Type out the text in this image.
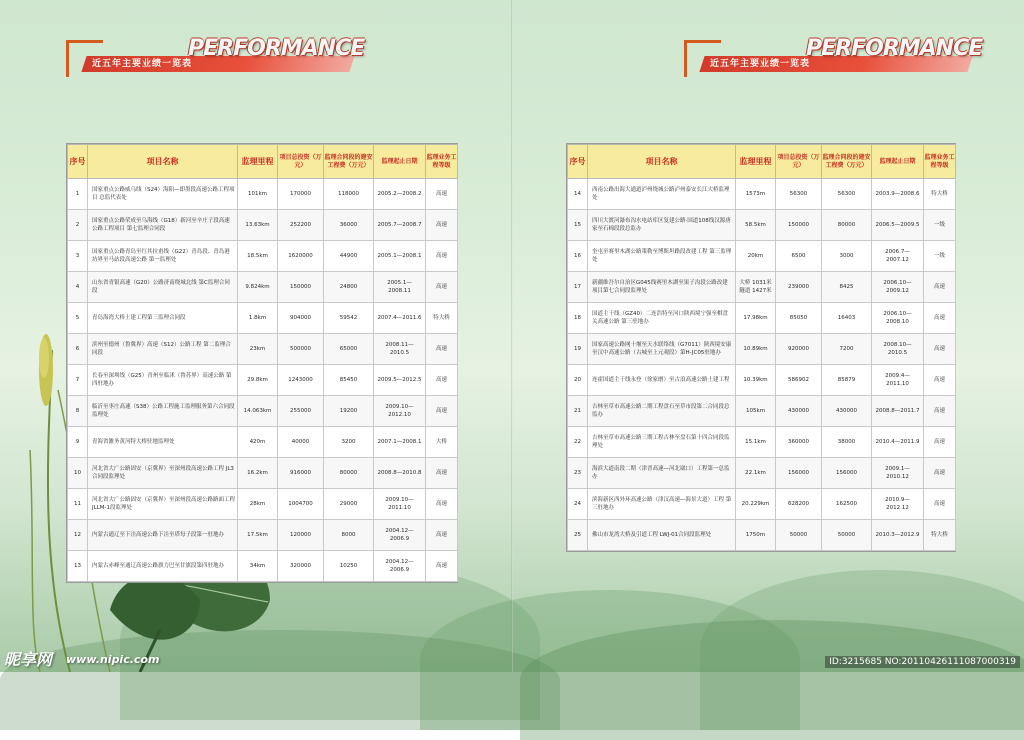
近五年主要业绩一览表
PERFORMANCE
近五年主要业绩一览表
PERFORMANCE
序号	项目名称	监理里程	项目总投资（万元）	监理合同段的建安工程费（万元）	监理起止日期	监理业务工程等级
1	国家重点公路威乌线（S24）海阳—即墨段高速公路工程项目 总监代表处	101km	170000	118000	2005.2—2008.2	高速
2	国家重点公路荣成至乌海线（G18）新河至辛庄子段高速公路工程项目 第七监理合同段	13.63km	252200	36000	2005.7—2008.7	高速
3	国家重点公路青岛至红其拉甫线（G22）青岛段、青岛港坊界至马站段高速公路 第一监理处	18.5km	1620000	44900	2005.1—2008.1	高速
4	山东省青银高速（G20）公路济南绕城北线 第C监理合同段	9.824km	150000	24800	2005.1—2008.11	高速
5	青岛海湾大桥土建工程第三监理合同段	1.8km	904000	59542	2007.4—2011.6	特大桥
6	滨州至德州（鲁冀界）高速（S12）公路工程 第二监理合同段	23km	500000	65000	2008.11—2010.5	高速
7	长春至深圳线（G25）青州至临沭（鲁苏界）高速公路 第四驻地办	29.8km	1243000	85450	2009.5—2012.5	高速
8	临沂至枣庄高速（S38）公路工程施工监理服务第六合同段监理处	14.063km	255000	19200	2009.10—2012.10	高速
9	青海省雒务黄河特大桥驻地监理处	420m	40000	3200	2007.1—2008.1	大桥
10	河北省大广公路固安（京冀界）至深州段高速公路工程 JL3合同段监理处	16.2km	916000	80000	2008.8—2010.8	高速
11	河北省大广公路固安（京冀界）至深州段高速公路路面工程 JLLM-1段监理处	28km	1004700	29000	2009.10—2011.10	高速
12	内蒙古通辽至下洼高速公路下洼至塔每子段第一驻地办	17.5km	120000	8000	2004.12—2006.9	高速
13	内蒙古赤峰至通辽高速公路旗力巴至甘旗段第四驻地办	34km	320000	10250	2004.12—2006.9	高速
序号	项目名称	监理里程	项目总投资（万元）	监理合同段的建安工程费（万元）	监理起止日期	监理业务工程等级
14	西南公路出海大通道泸州绕城公路泸州泰安长江大桥监理处	1573m	56300	56300	2003.9—2008.6	特大桥
15	四川大渡河瀑布沟水电站库区复建公路·国道108线汉源唐家至石棉段段总监办	58.5km	150000	80000	2006.5—2009.5	一级
16	奎屯至赛里木湖公路策勒至博斯坦路段改建工程 第三监理处	20km	6500	3000	2006.7—2007.12	一级
17	新疆维吾尔自治区G045线赛里木湖至果子沟段公路改建项目第七合同段监理处	大桥 1031米 隧道 1427米	239000	8425	2006.10—2009.12	高速
18	国道主干线（GZ40）二连浩特至河口陕西境宁强至棋盘关高速公路 第三驻地办	17.98km	85050	16403	2006.10—2008.10	高速
19	国家高速公路网十堰至天水联络线（G7011）陕西境安康至汉中高速公路（古城至上元观段）第H-JC05驻地办	10.89km	920000	7200	2008.10—2010.5	高速
20	连霍国道主干线永登（徐家磨）至古浪高速公路土建工程	10.39km	586902	85879	2009.4—2011.10	高速
21	吉林至草市高速公路二期工程盘石至草市段第二合同段总监办	105km	430000	430000	2008.8—2011.7	高速
22	吉林至草市高速公路三期工程吉林至盘石第十四合同段监理处	15.1km	360000	38000	2010.4—2011.9	高速
23	海滨大道南段二期（津晋高速—河北崴口）工程第一总监办	22.1km	156000	156000	2009.1—2010.12	高速
24	滨海新区西外环高速公路（津汉高速—海景大道）工程 第三驻地办	20.229km	628200	162500	2010.9—2012.12	高速
25	佛山市龙湾大桥及引道工程 LWJ-01合同段监理处	1750m	50000	50000	2010.3—2012.9	特大桥
昵享网 www.nipic.com	ID:3215685 NO:20110426111087000319
